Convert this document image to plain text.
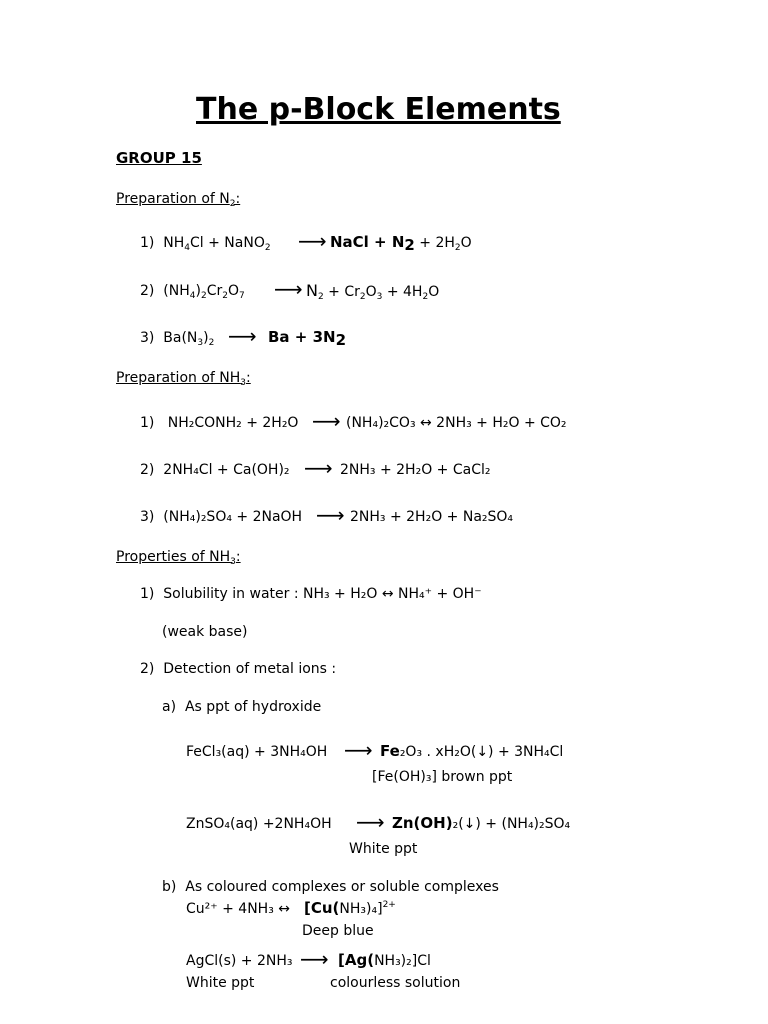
The p-Block Elements
GROUP 15
Preparation of $N_2$:
1) $NH_4Cl$ + NaNO$_2$ ⟶ NaCl + $N_2 + 2H_2O$
2) $(NH_4)_2Cr_2O_7$ ⟶ $N_2 + Cr_2O_3 + 4H_2O$
3) $Ba(N_3)_2$ ⟶ $Ba + 3N_2$
Preparation of $NH_3$:
1) NH₂CONH₂ + 2H₂O ⟶ (NH₄)₂CO₃ ↔ 2NH₃ + H₂O + CO₂
2) 2NH₄Cl + Ca(OH)₂ ⟶ 2NH₃ + 2H₂O + CaCl₂
3) (NH₄)₂SO₄ + 2NaOH ⟶ 2NH₃ + 2H₂O + Na₂SO₄
Properties of $NH_3$:
1) Solubility in water : NH₃ + H₂O ↔ NH₄⁺ + OH⁻
(weak base)
2) Detection of metal ions :
a) As ppt of hydroxide
FeCl₃(aq) + 3NH₄OH ⟶ Fe₂O₃ . xH₂O(↓) + 3NH₄Cl
[Fe(OH)₃] brown ppt
ZnSO₄(aq) +2NH₄OH ⟶ Zn(OH)₂(↓) + (NH₄)₂SO₄
White ppt
b) As coloured complexes or soluble complexes
Cu²⁺ + 4NH₃ ↔ $[Cu(NH_3)_4]^{2+}$
Deep blue
AgCl(s) + 2NH₃ ⟶ [Ag(NH₃)₂]Cl
White ppt	colourless solution
